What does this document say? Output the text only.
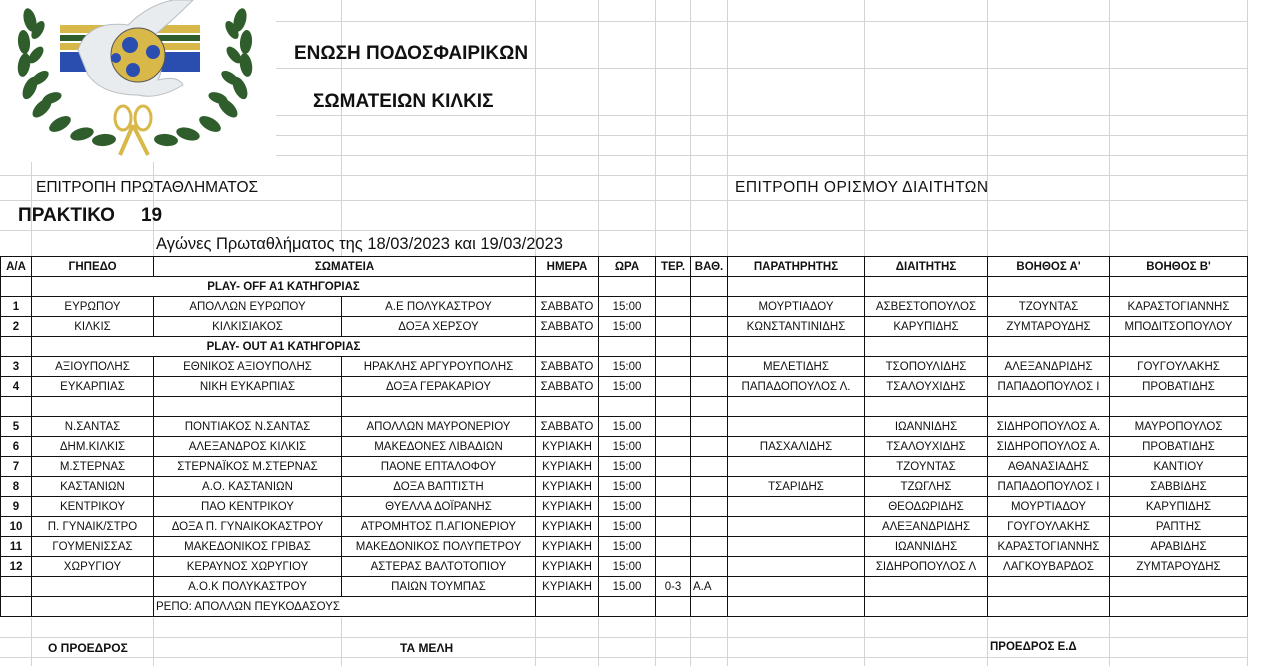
ΕΝΩΣΗ ΠΟΔΟΣΦΑΙΡΙΚΩΝ
ΣΩΜΑΤΕΙΩΝ ΚΙΛΚΙΣ
ΕΠΙΤΡΟΠΗ ΠΡΩΤΑΘΛΗΜΑΤΟΣ	ΕΠΙΤΡΟΠΗ ΟΡΙΣΜΟΥ ΔΙΑΙΤΗΤΩΝ
ΠΡΑΚΤΙΚΟ 19
Αγώνες Πρωταθλήματος της 18/03/2023 και 19/03/2023
Α/Α	ΓΗΠΕΔΟ	ΣΩΜΑΤΕΙΑ		ΗΜΕΡΑ	ΩΡΑ	ΤΕΡ.	ΒΑΘ.	ΠΑΡΑΤΗΡΗΤΗΣ	ΔΙΑΙΤΗΤΗΣ	ΒΟΗΘΟΣ Α'	ΒΟΗΘΟΣ Β'
	PLAY- OFF A1 ΚΑΤΗΓΟΡΙΑΣ										
1	ΕΥΡΩΠΟΥ	ΑΠΟΛΛΩΝ ΕΥΡΩΠΟΥ	Α.Ε ΠΟΛΥΚΑΣΤΡΟΥ	ΣΑΒΒΑΤΟ	15:00			ΜΟΥΡΤΙΑΔΟΥ	ΑΣΒΕΣΤΟΠΟΥΛΟΣ	ΤΖΟΥΝΤΑΣ	ΚΑΡΑΣΤΟΓΙΑΝΝΗΣ
2	ΚΙΛΚΙΣ	ΚΙΛΚΙΣΙΑΚΟΣ	ΔΟΞΑ ΧΕΡΣΟΥ	ΣΑΒΒΑΤΟ	15:00			ΚΩΝΣΤΑΝΤΙΝΙΔΗΣ	ΚΑΡΥΠΙΔΗΣ	ΖΥΜΤΑΡΟΥΔΗΣ	ΜΠΟΔΙΤΣΟΠΟΥΛΟΥ
	PLAY- OUT A1 ΚΑΤΗΓΟΡΙΑΣ										
3	ΑΞΙΟΥΠΟΛΗΣ	ΕΘΝΙΚΟΣ ΑΞΙΟΥΠΟΛΗΣ	ΗΡΑΚΛΗΣ ΑΡΓΥΡΟΥΠΟΛΗΣ	ΣΑΒΒΑΤΟ	15:00			ΜΕΛΕΤΙΔΗΣ	ΤΣΟΠΟΥΛΙΔΗΣ	ΑΛΕΞΑΝΔΡΙΔΗΣ	ΓΟΥΓΟΥΛΑΚΗΣ
4	ΕΥΚΑΡΠΙΑΣ	ΝΙΚΗ ΕΥΚΑΡΠΙΑΣ	ΔΟΞΑ ΓΕΡΑΚΑΡΙΟΥ	ΣΑΒΒΑΤΟ	15:00			ΠΑΠΑΔΟΠΟΥΛΟΣ Λ.	ΤΣΑΛΟΥΧΙΔΗΣ	ΠΑΠΑΔΟΠΟΥΛΟΣ Ι	ΠΡΟΒΑΤΙΔΗΣ

5	Ν.ΣΑΝΤΑΣ	ΠΟΝΤΙΑΚΟΣ Ν.ΣΑΝΤΑΣ	ΑΠΟΛΛΩΝ ΜΑΥΡΟΝΕΡΙΟΥ	ΣΑΒΒΑΤΟ	15.00				ΙΩΑΝΝΙΔΗΣ	ΣΙΔΗΡΟΠΟΥΛΟΣ Α.	ΜΑΥΡΟΠΟΥΛΟΣ
6	ΔΗΜ.ΚΙΛΚΙΣ	ΑΛΕΞΑΝΔΡΟΣ ΚΙΛΚΙΣ	ΜΑΚΕΔΟΝΕΣ ΛΙΒΑΔΙΩΝ	ΚΥΡΙΑΚΗ	15:00			ΠΑΣΧΑΛΙΔΗΣ	ΤΣΑΛΟΥΧΙΔΗΣ	ΣΙΔΗΡΟΠΟΥΛΟΣ Α.	ΠΡΟΒΑΤΙΔΗΣ
7	Μ.ΣΤΕΡΝΑΣ	ΣΤΕΡΝΑΪΚΟΣ Μ.ΣΤΕΡΝΑΣ	ΠΑΟΝΕ ΕΠΤΑΛΟΦΟΥ	ΚΥΡΙΑΚΗ	15:00				ΤΖΟΥΝΤΑΣ	ΑΘΑΝΑΣΙΑΔΗΣ	ΚΑΝΤΙΟΥ
8	ΚΑΣΤΑΝΙΩΝ	Α.Ο. ΚΑΣΤΑΝΙΩΝ	ΔΟΞΑ ΒΑΠΤΙΣΤΗ	ΚΥΡΙΑΚΗ	15:00			ΤΣΑΡΙΔΗΣ	ΤΖΩΓΛΗΣ	ΠΑΠΑΔΟΠΟΥΛΟΣ Ι	ΣΑΒΒΙΔΗΣ
9	ΚΕΝΤΡΙΚΟΥ	ΠΑΟ ΚΕΝΤΡΙΚΟΥ	ΘΥΕΛΛΑ ΔΟΪΡΑΝΗΣ	ΚΥΡΙΑΚΗ	15:00				ΘΕΟΔΩΡΙΔΗΣ	ΜΟΥΡΤΙΑΔΟΥ	ΚΑΡΥΠΙΔΗΣ
10	Π. ΓΥΝΑΙΚ/ΣΤΡΟ	ΔΟΞΑ Π. ΓΥΝΑΙΚΟΚΑΣΤΡΟΥ	ΑΤΡΟΜΗΤΟΣ Π.ΑΓΙΟΝΕΡΙΟΥ	ΚΥΡΙΑΚΗ	15:00				ΑΛΕΞΑΝΔΡΙΔΗΣ	ΓΟΥΓΟΥΛΑΚΗΣ	ΡΑΠΤΗΣ
11	ΓΟΥΜΕΝΙΣΣΑΣ	ΜΑΚΕΔΟΝΙΚΟΣ ΓΡΙΒΑΣ	ΜΑΚΕΔΟΝΙΚΟΣ ΠΟΛΥΠΕΤΡΟΥ	ΚΥΡΙΑΚΗ	15:00				ΙΩΑΝΝΙΔΗΣ	ΚΑΡΑΣΤΟΓΙΑΝΝΗΣ	ΑΡΑΒΙΔΗΣ
12	ΧΩΡΥΓΙΟΥ	ΚΕΡΑΥΝΟΣ ΧΩΡΥΓΙΟΥ	ΑΣΤΕΡΑΣ ΒΑΛΤΟΤΟΠΙΟΥ	ΚΥΡΙΑΚΗ	15:00				ΣΙΔΗΡΟΠΟΥΛΟΣ Λ	ΛΑΓΚΟΥΒΑΡΔΟΣ	ΖΥΜΤΑΡΟΥΔΗΣ
		Α.Ο.Κ ΠΟΛΥΚΑΣΤΡΟΥ	ΠΑΙΩΝ ΤΟΥΜΠΑΣ	ΚΥΡΙΑΚΗ	15.00	0-3	Α.Α				
		ΡΕΠΟ: ΑΠΟΛΛΩΝ ΠΕΥΚΟΔΑΣΟΥΣ									
Ο ΠΡΟΕΔΡΟΣ	ΤΑ ΜΕΛΗ	ΠΡΟΕΔΡΟΣ Ε.Δ
